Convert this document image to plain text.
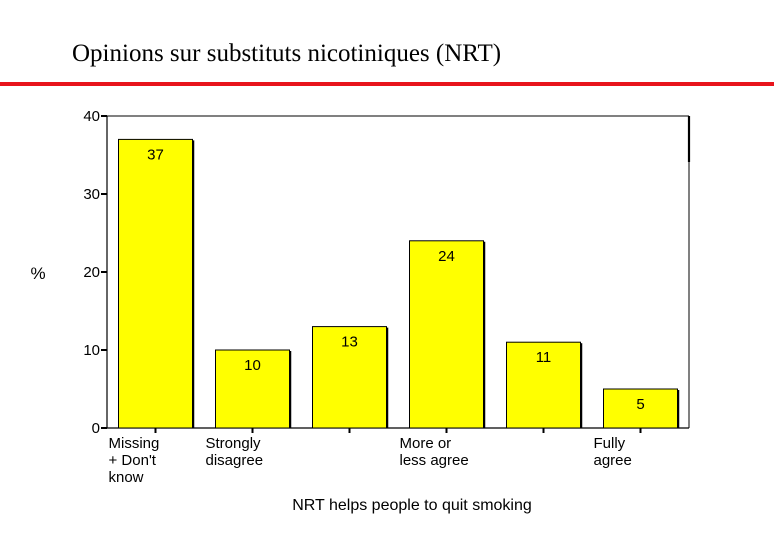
Opinions sur substituts nicotiniques (NRT)
0
10
20
30
40
%
37
Missing + Don't know
10
Strongly disagree
13
24
More or less agree
11
5
Fully agree
NRT helps people to quit smoking
